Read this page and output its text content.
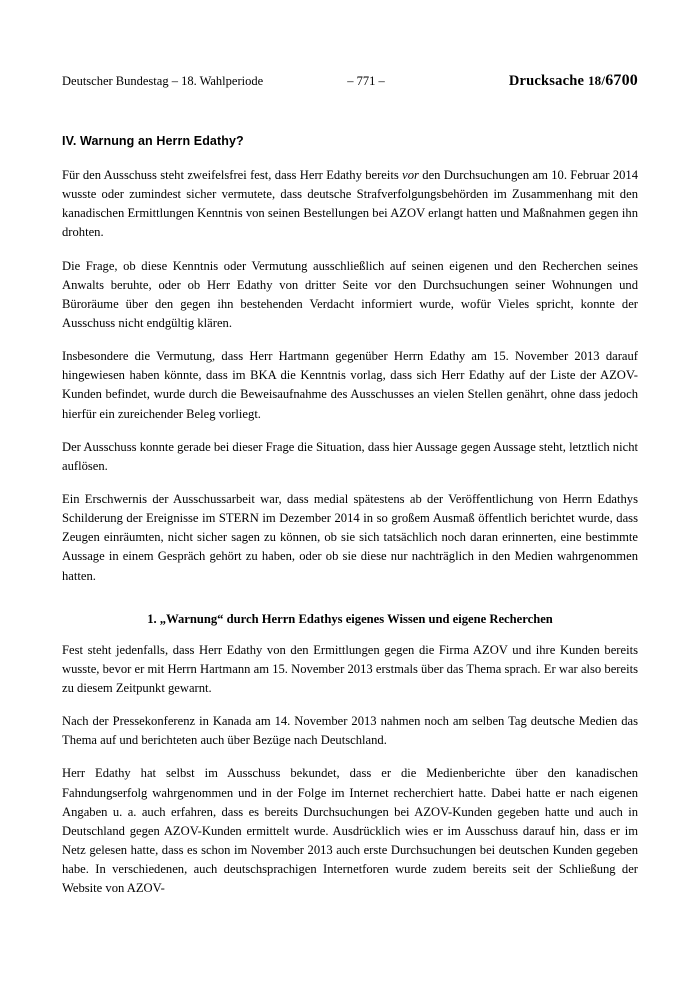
Deutscher Bundestag – 18. Wahlperiode	– 771 –	Drucksache 18/6700
IV. Warnung an Herrn Edathy?

Für den Ausschuss steht zweifelsfrei fest, dass Herr Edathy bereits vor den Durchsuchungen am 10. Februar 2014 wusste oder zumindest sicher vermutete, dass deutsche Strafverfolgungsbehörden im Zusammenhang mit den kanadischen Ermittlungen Kenntnis von seinen Bestellungen bei AZOV erlangt hatten und Maßnahmen gegen ihn drohten.

Die Frage, ob diese Kenntnis oder Vermutung ausschließlich auf seinen eigenen und den Recherchen seines Anwalts beruhte, oder ob Herr Edathy von dritter Seite vor den Durchsuchungen seiner Wohnungen und Büroräume über den gegen ihn bestehenden Verdacht informiert wurde, wofür Vieles spricht, konnte der Ausschuss nicht endgültig klären.

Insbesondere die Vermutung, dass Herr Hartmann gegenüber Herrn Edathy am 15. November 2013 darauf hingewiesen haben könnte, dass im BKA die Kenntnis vorlag, dass sich Herr Edathy auf der Liste der AZOV-Kunden befindet, wurde durch die Beweisaufnahme des Ausschusses an vielen Stellen genährt, ohne dass jedoch hierfür ein zureichender Beleg vorliegt.

Der Ausschuss konnte gerade bei dieser Frage die Situation, dass hier Aussage gegen Aussage steht, letztlich nicht auflösen.

Ein Erschwernis der Ausschussarbeit war, dass medial spätestens ab der Veröffentlichung von Herrn Edathys Schilderung der Ereignisse im STERN im Dezember 2014 in so großem Ausmaß öffentlich berichtet wurde, dass Zeugen einräumten, nicht sicher sagen zu können, ob sie sich tatsächlich noch daran erinnerten, eine bestimmte Aussage in einem Gespräch gehört zu haben, oder ob sie diese nur nachträglich in den Medien wahrgenommen hatten.

1. „Warnung“ durch Herrn Edathys eigenes Wissen und eigene Recherchen

Fest steht jedenfalls, dass Herr Edathy von den Ermittlungen gegen die Firma AZOV und ihre Kunden bereits wusste, bevor er mit Herrn Hartmann am 15. November 2013 erstmals über das Thema sprach. Er war also bereits zu diesem Zeitpunkt gewarnt.

Nach der Pressekonferenz in Kanada am 14. November 2013 nahmen noch am selben Tag deutsche Medien das Thema auf und berichteten auch über Bezüge nach Deutschland.

Herr Edathy hat selbst im Ausschuss bekundet, dass er die Medienberichte über den kanadischen Fahndungserfolg wahrgenommen und in der Folge im Internet recherchiert hatte. Dabei hatte er nach eigenen Angaben u. a. auch erfahren, dass es bereits Durchsuchungen bei AZOV-Kunden gegeben hatte und auch in Deutschland gegen AZOV-Kunden ermittelt wurde. Ausdrücklich wies er im Ausschuss darauf hin, dass er im Netz gelesen hatte, dass es schon im November 2013 auch erste Durchsuchungen bei deutschen Kunden gegeben habe. In verschiedenen, auch deutschsprachigen Internetforen wurde zudem bereits seit der Schließung der Website von AZOV-
